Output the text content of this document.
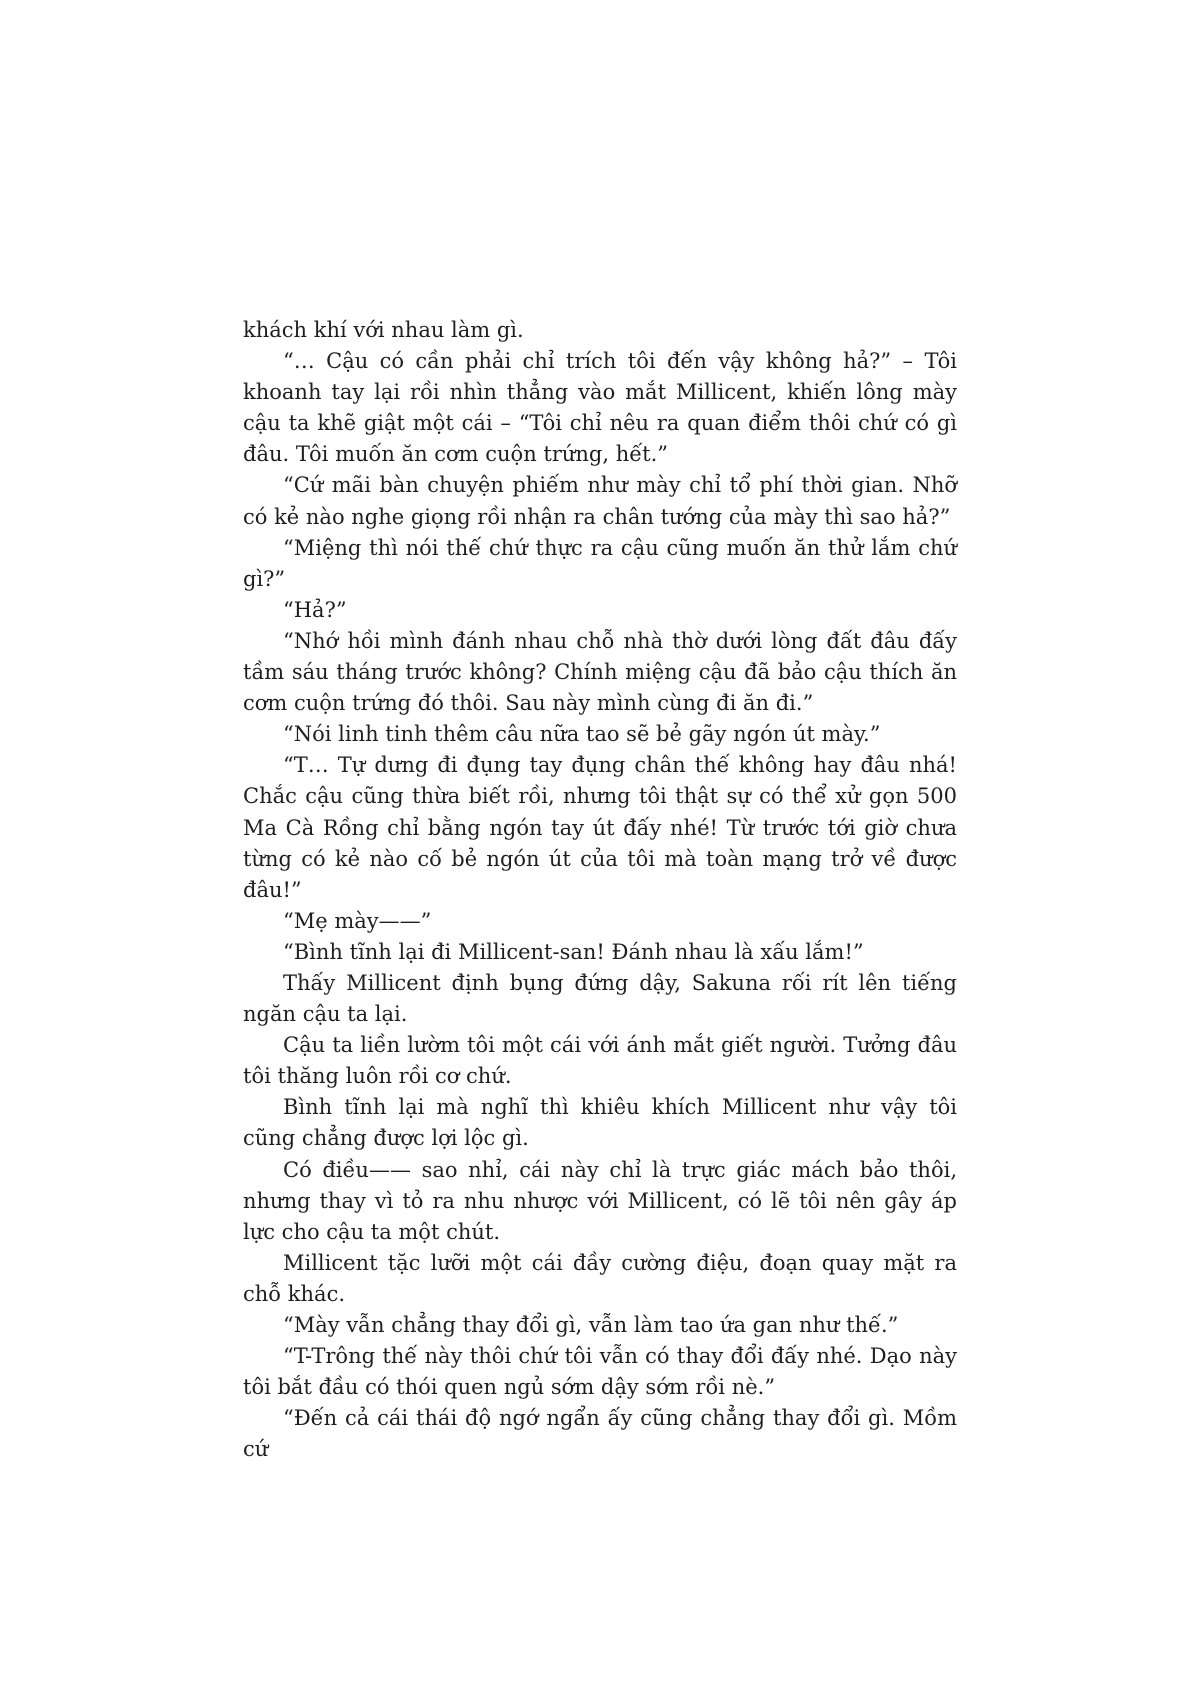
khách khí với nhau làm gì.

“… Cậu có cần phải chỉ trích tôi đến vậy không hả?” – Tôi khoanh tay lại rồi nhìn thẳng vào mắt Millicent, khiến lông mày cậu ta khẽ giật một cái – “Tôi chỉ nêu ra quan điểm thôi chứ có gì đâu. Tôi muốn ăn cơm cuộn trứng, hết.”

“Cứ mãi bàn chuyện phiếm như mày chỉ tổ phí thời gian. Nhỡ có kẻ nào nghe giọng rồi nhận ra chân tướng của mày thì sao hả?”

“Miệng thì nói thế chứ thực ra cậu cũng muốn ăn thử lắm chứ gì?”

“Hả?”

“Nhớ hồi mình đánh nhau chỗ nhà thờ dưới lòng đất đâu đấy tầm sáu tháng trước không? Chính miệng cậu đã bảo cậu thích ăn cơm cuộn trứng đó thôi. Sau này mình cùng đi ăn đi.”

“Nói linh tinh thêm câu nữa tao sẽ bẻ gãy ngón út mày.”

“T… Tự dưng đi đụng tay đụng chân thế không hay đâu nhá! Chắc cậu cũng thừa biết rồi, nhưng tôi thật sự có thể xử gọn 500 Ma Cà Rồng chỉ bằng ngón tay út đấy nhé! Từ trước tới giờ chưa từng có kẻ nào cố bẻ ngón út của tôi mà toàn mạng trở về được đâu!”

“Mẹ mày——”

“Bình tĩnh lại đi Millicent-san! Đánh nhau là xấu lắm!”

Thấy Millicent định bụng đứng dậy, Sakuna rối rít lên tiếng ngăn cậu ta lại.

Cậu ta liền lườm tôi một cái với ánh mắt giết người. Tưởng đâu tôi thăng luôn rồi cơ chứ.

Bình tĩnh lại mà nghĩ thì khiêu khích Millicent như vậy tôi cũng chẳng được lợi lộc gì.

Có điều—— sao nhỉ, cái này chỉ là trực giác mách bảo thôi, nhưng thay vì tỏ ra nhu nhược với Millicent, có lẽ tôi nên gây áp lực cho cậu ta một chút.

Millicent tặc lưỡi một cái đầy cường điệu, đoạn quay mặt ra chỗ khác.

“Mày vẫn chẳng thay đổi gì, vẫn làm tao ứa gan như thế.”

“T-Trông thế này thôi chứ tôi vẫn có thay đổi đấy nhé. Dạo này tôi bắt đầu có thói quen ngủ sớm dậy sớm rồi nè.”

“Đến cả cái thái độ ngớ ngẩn ấy cũng chẳng thay đổi gì. Mồm cứ
